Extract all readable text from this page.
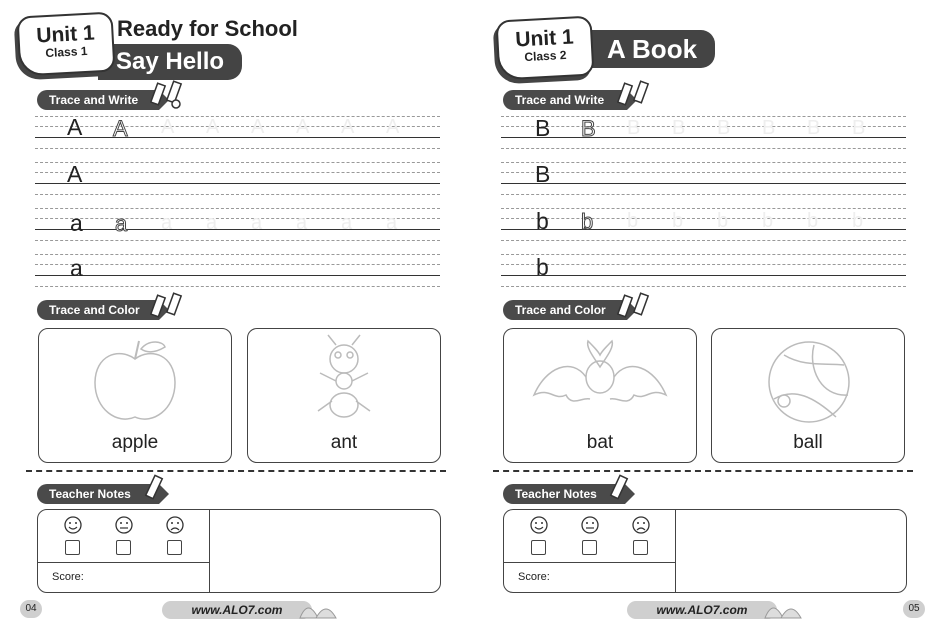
Unit 1
Class 1
Ready for School
Say Hello
Trace and Write
A A A A A A A A
A
a a a a a a a a
a
Trace and Color
apple	ant
Teacher Notes
Score:
04	www.ALO7.com
Unit 1
Class 2	A Book
Trace and Write
B B B B B B B B
B
b b b b b b b b
b
Trace and Color
bat	ball
Teacher Notes
Score:
www.ALO7.com	05
